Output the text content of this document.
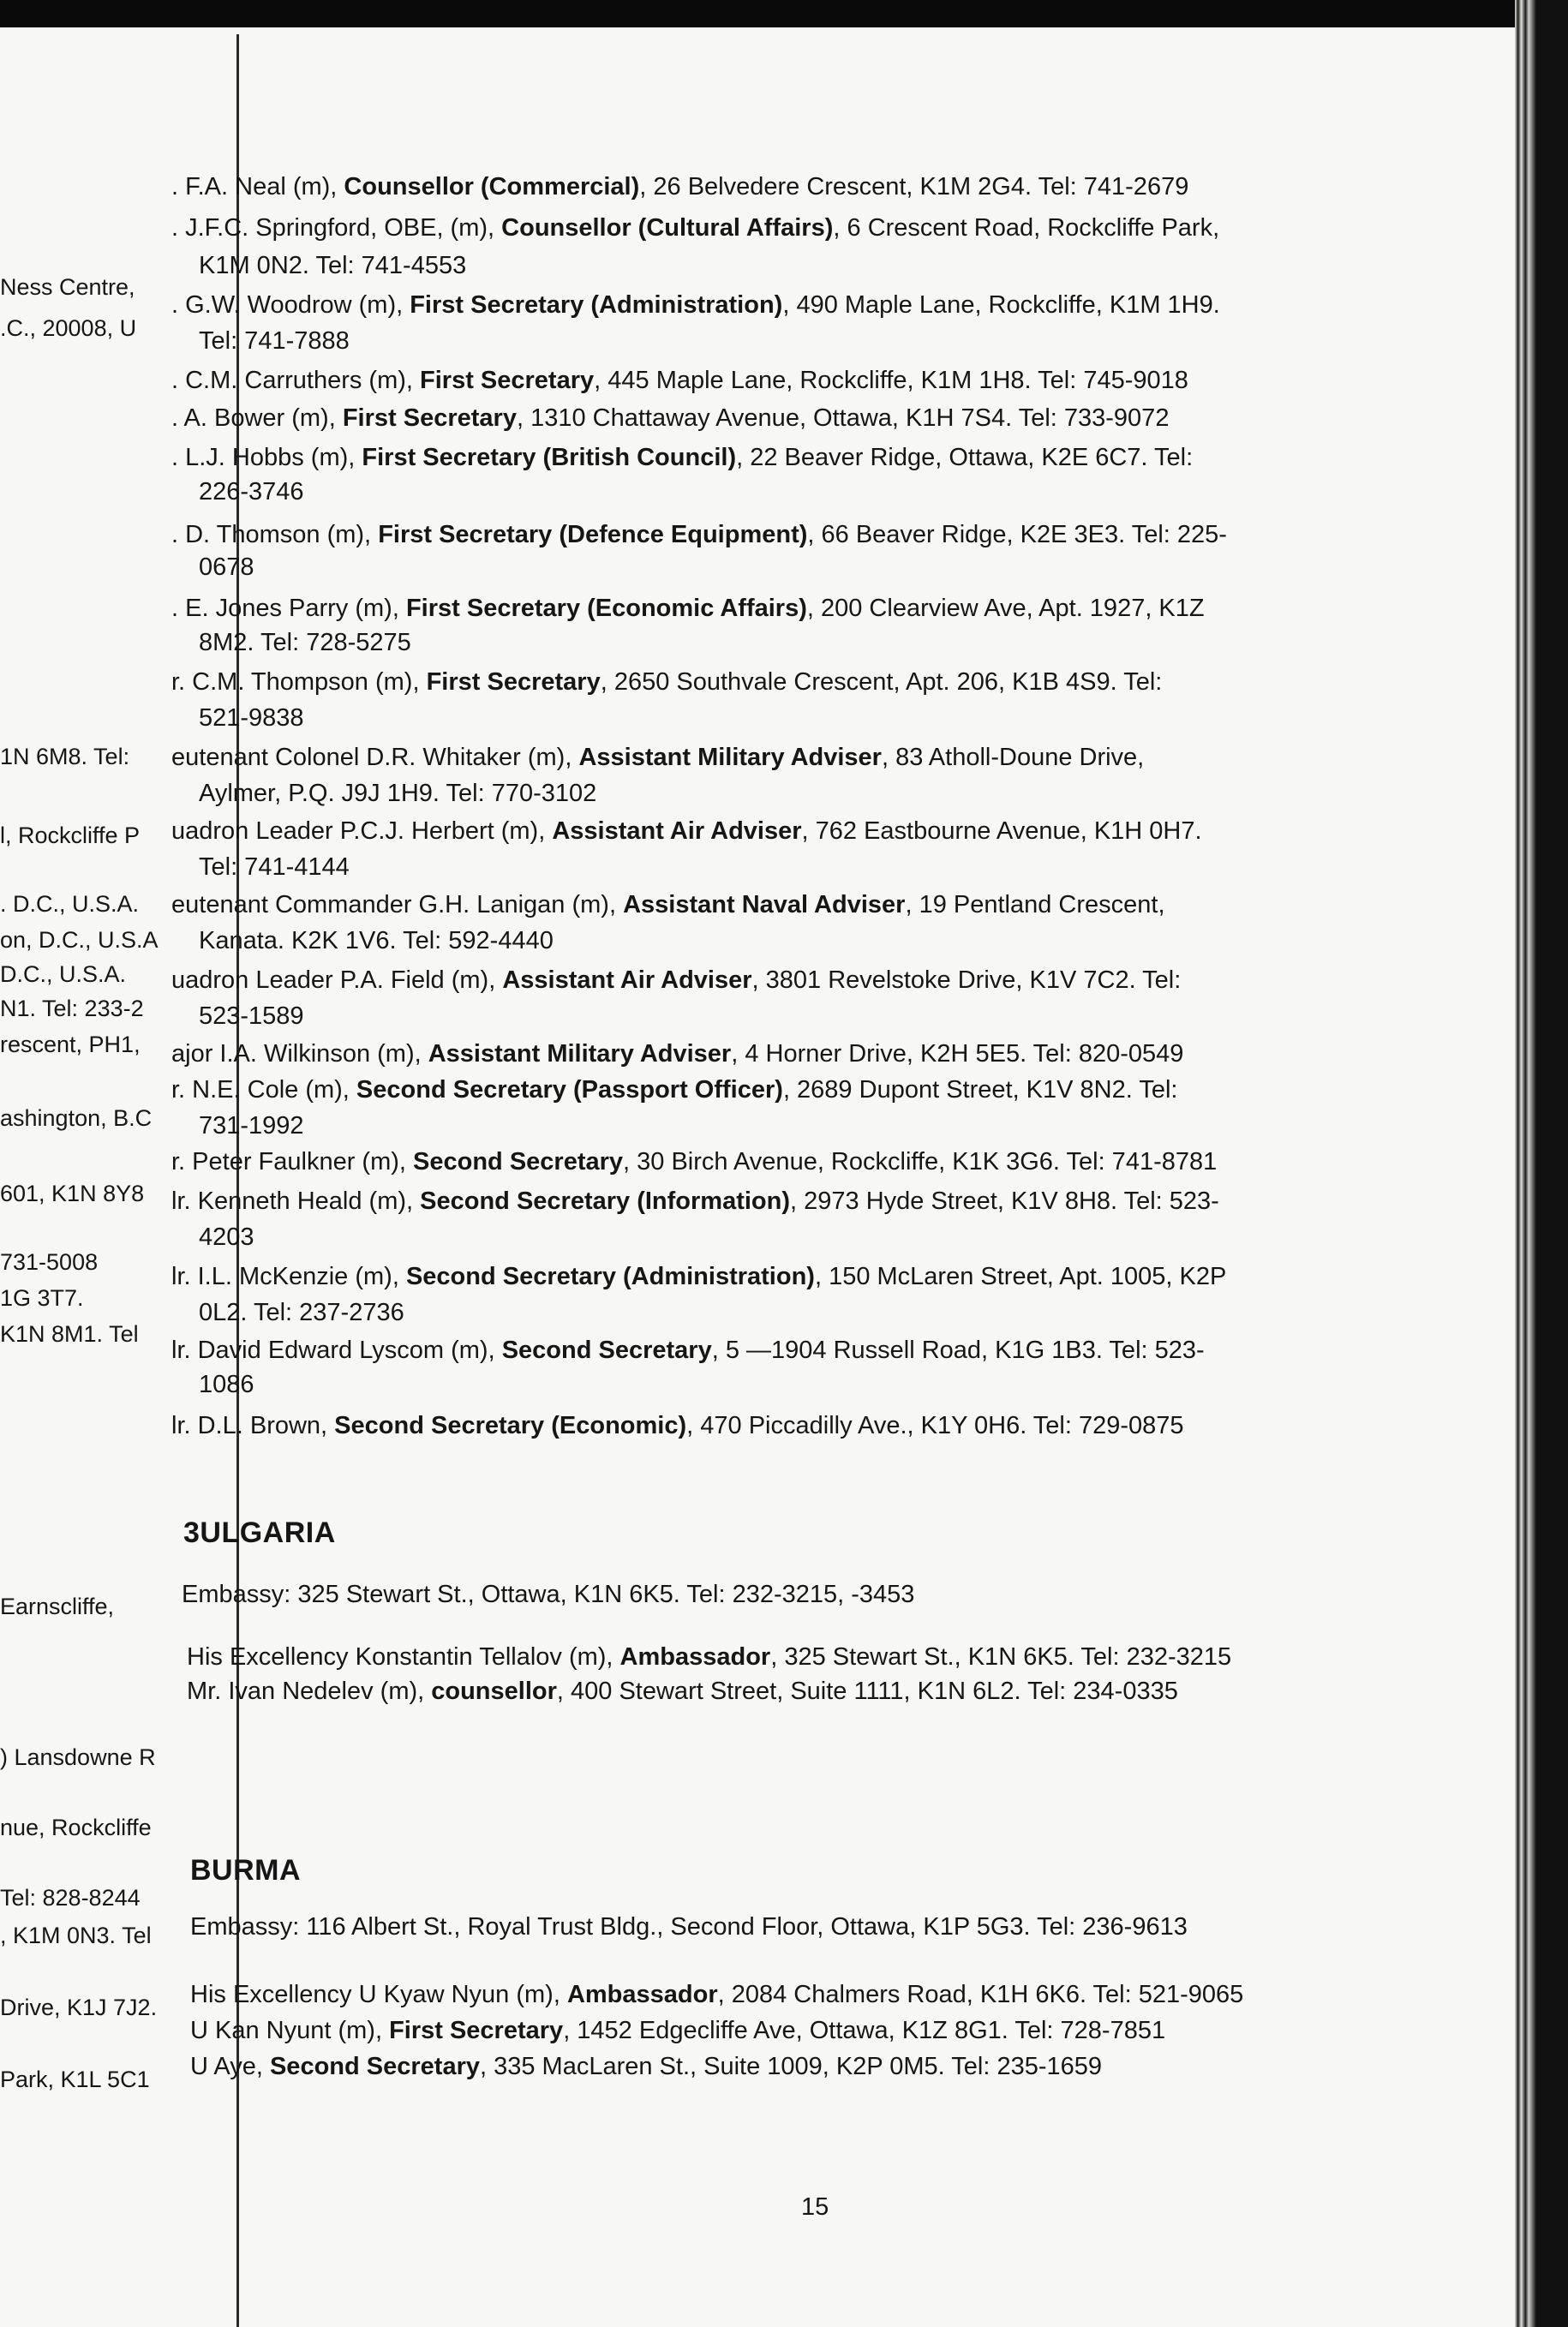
Ness Centre,
.C., 20008, U
1N 6M8. Tel:
l, Rockcliffe P
. D.C., U.S.A.
on, D.C., U.S.A
D.C., U.S.A.
N1. Tel: 233-2
rescent, PH1,
ashington, B.C
601, K1N 8Y8
731-5008
1G 3T7.
K1N 8M1. Tel
Earnscliffe,
) Lansdowne R
nue, Rockcliffe
Tel: 828-8244
, K1M 0N3. Tel
Drive, K1J 7J2.
Park, K1L 5C1
. F.A. Neal (m), Counsellor (Commercial), 26 Belvedere Crescent, K1M 2G4. Tel: 741-2679
. J.F.C. Springford, OBE, (m), Counsellor (Cultural Affairs), 6 Crescent Road, Rockcliffe Park,
K1M 0N2. Tel: 741-4553
. G.W. Woodrow (m), First Secretary (Administration), 490 Maple Lane, Rockcliffe, K1M 1H9.
Tel: 741-7888
. C.M. Carruthers (m), First Secretary, 445 Maple Lane, Rockcliffe, K1M 1H8. Tel: 745-9018
. A. Bower (m), First Secretary, 1310 Chattaway Avenue, Ottawa, K1H 7S4. Tel: 733-9072
. L.J. Hobbs (m), First Secretary (British Council), 22 Beaver Ridge, Ottawa, K2E 6C7. Tel:
226-3746
. D. Thomson (m), First Secretary (Defence Equipment), 66 Beaver Ridge, K2E 3E3. Tel: 225-
0678
. E. Jones Parry (m), First Secretary (Economic Affairs), 200 Clearview Ave, Apt. 1927, K1Z
8M2. Tel: 728-5275
r. C.M. Thompson (m), First Secretary, 2650 Southvale Crescent, Apt. 206, K1B 4S9. Tel:
521-9838
eutenant Colonel D.R. Whitaker (m), Assistant Military Adviser, 83 Atholl-Doune Drive,
Aylmer, P.Q. J9J 1H9. Tel: 770-3102
uadron Leader P.C.J. Herbert (m), Assistant Air Adviser, 762 Eastbourne Avenue, K1H 0H7.
Tel: 741-4144
eutenant Commander G.H. Lanigan (m), Assistant Naval Adviser, 19 Pentland Crescent,
Kanata. K2K 1V6. Tel: 592-4440
uadron Leader P.A. Field (m), Assistant Air Adviser, 3801 Revelstoke Drive, K1V 7C2. Tel:
523-1589
ajor I.A. Wilkinson (m), Assistant Military Adviser, 4 Horner Drive, K2H 5E5. Tel: 820-0549
r. N.E. Cole (m), Second Secretary (Passport Officer), 2689 Dupont Street, K1V 8N2. Tel:
731-1992
r. Peter Faulkner (m), Second Secretary, 30 Birch Avenue, Rockcliffe, K1K 3G6. Tel: 741-8781
lr. Kenneth Heald (m), Second Secretary (Information), 2973 Hyde Street, K1V 8H8. Tel: 523-
4203
lr. I.L. McKenzie (m), Second Secretary (Administration), 150 McLaren Street, Apt. 1005, K2P
0L2. Tel: 237-2736
lr. David Edward Lyscom (m), Second Secretary, 5 —1904 Russell Road, K1G 1B3. Tel: 523-
1086
lr. D.L. Brown, Second Secretary (Economic), 470 Piccadilly Ave., K1Y 0H6. Tel: 729-0875
3ULGARIA
Embassy: 325 Stewart St., Ottawa, K1N 6K5. Tel: 232-3215, -3453
His Excellency Konstantin Tellalov (m), Ambassador, 325 Stewart St., K1N 6K5. Tel: 232-3215
Mr. Ivan Nedelev (m), counsellor, 400 Stewart Street, Suite 1111, K1N 6L2. Tel: 234-0335
BURMA
Embassy: 116 Albert St., Royal Trust Bldg., Second Floor, Ottawa, K1P 5G3. Tel: 236-9613
His Excellency U Kyaw Nyun (m), Ambassador, 2084 Chalmers Road, K1H 6K6. Tel: 521-9065
U Kan Nyunt (m), First Secretary, 1452 Edgecliffe Ave, Ottawa, K1Z 8G1. Tel: 728-7851
U Aye, Second Secretary, 335 MacLaren St., Suite 1009, K2P 0M5. Tel: 235-1659
15
